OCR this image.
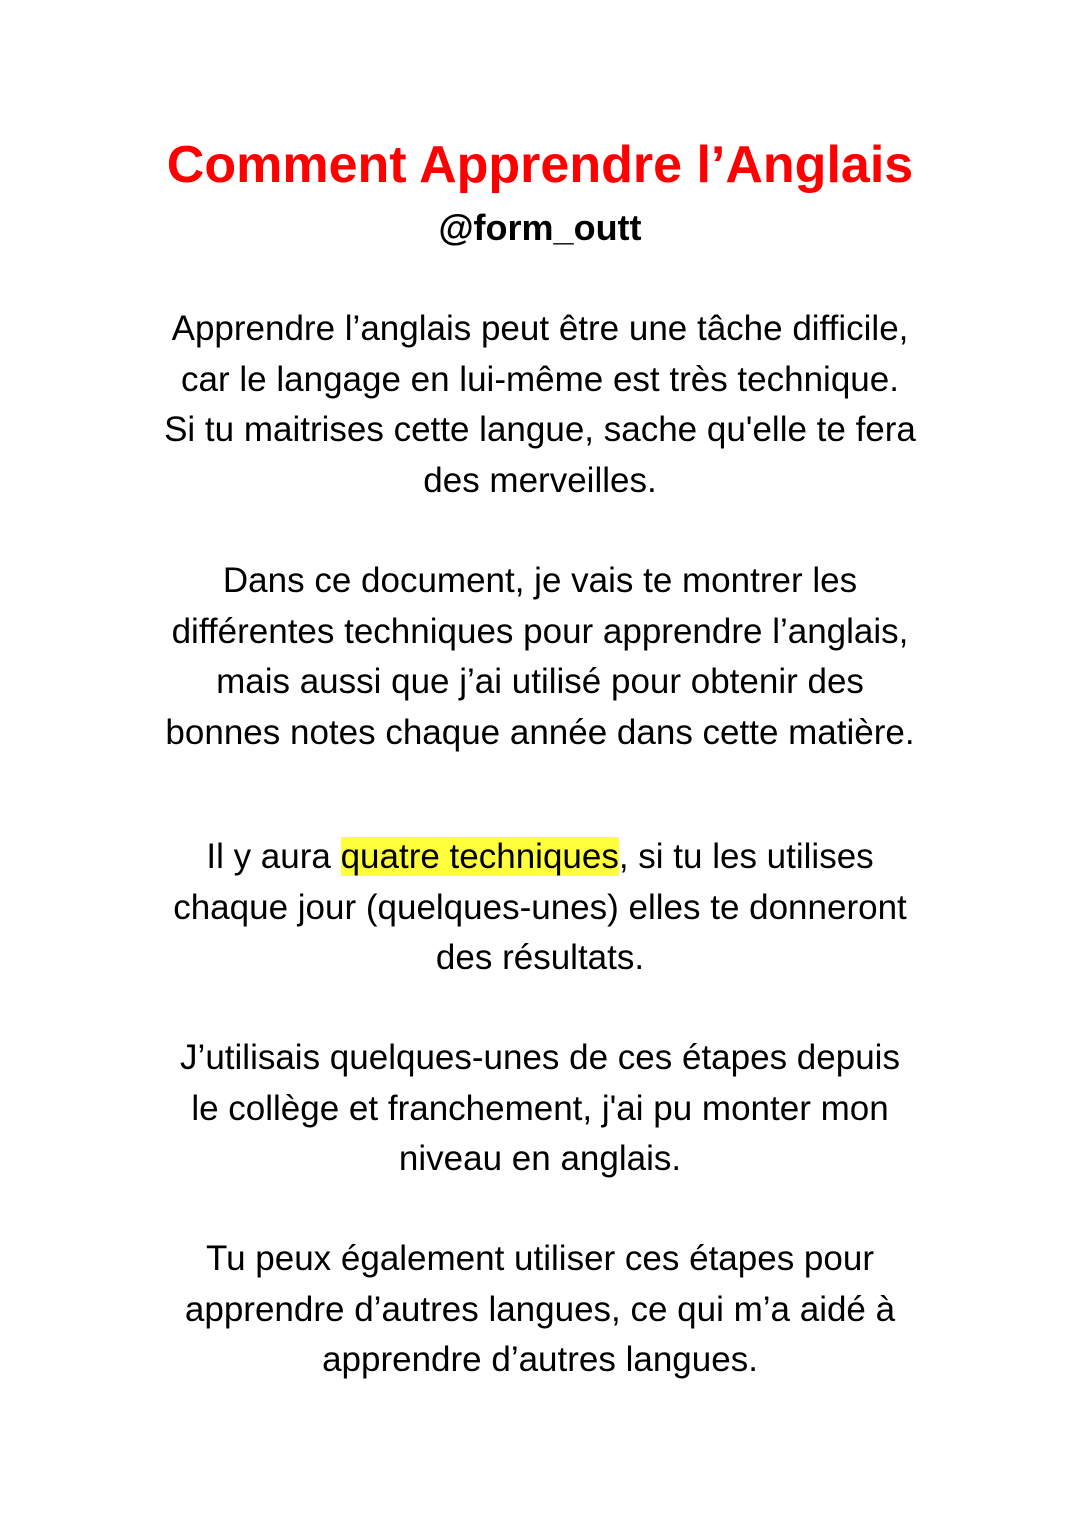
Comment Apprendre l’Anglais
@form_outt

Apprendre l’anglais peut être une tâche difficile,
car le langage en lui-même est très technique.
Si tu maitrises cette langue, sache qu'elle te fera
des merveilles.

Dans ce document, je vais te montrer les
différentes techniques pour apprendre l’anglais,
mais aussi que j’ai utilisé pour obtenir des
bonnes notes chaque année dans cette matière.

Il y aura quatre techniques, si tu les utilises
chaque jour (quelques-unes) elles te donneront
des résultats.

J’utilisais quelques-unes de ces étapes depuis
le collège et franchement, j'ai pu monter mon
niveau en anglais.

Tu peux également utiliser ces étapes pour
apprendre d’autres langues, ce qui m’a aidé à
apprendre d’autres langues.
